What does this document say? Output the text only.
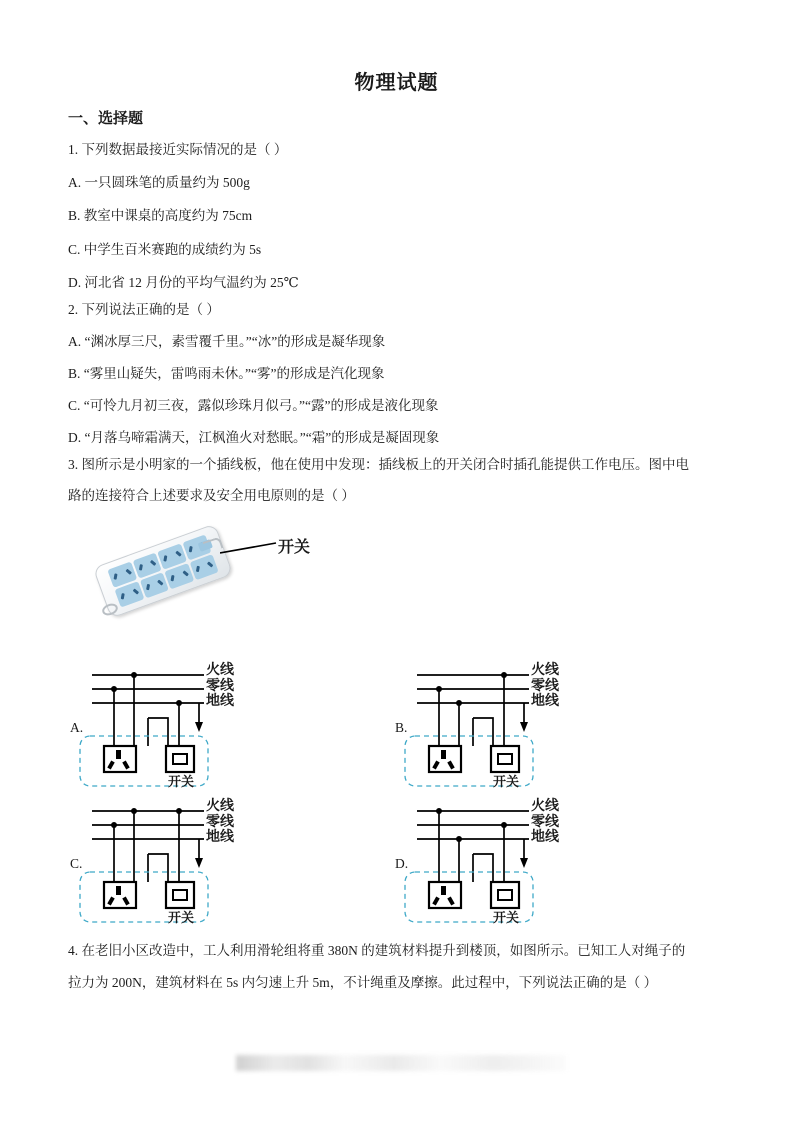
物理试题
一、选择题
1. 下列数据最接近实际情况的是（ ）
A. 一只圆珠笔的质量约为 500g
B. 教室中课桌的高度约为 75cm
C. 中学生百米赛跑的成绩约为 5s
D. 河北省 12 月份的平均气温约为 25℃
2. 下列说法正确的是（ ）
A. “渊冰厚三尺，素雪覆千里。”“冰”的形成是凝华现象
B. “雾里山疑失，雷鸣雨未休。”“雾”的形成是汽化现象
C. “可怜九月初三夜，露似珍珠月似弓。”“露”的形成是液化现象
D. “月落乌啼霜满天，江枫渔火对愁眠。”“霜”的形成是凝固现象
3. 图所示是小明家的一个插线板，他在使用中发现：插线板上的开关闭合时插孔能提供工作电压。图中电
路的连接符合上述要求及安全用电原则的是（ ）
开关
A.
火线
零线
地线
开关
B.
火线
零线
地线
开关
C.
火线
零线
地线
开关
D.
火线
零线
地线
开关
4. 在老旧小区改造中，工人利用滑轮组将重 380N 的建筑材料提升到楼顶，如图所示。已知工人对绳子的
拉力为 200N，建筑材料在 5s 内匀速上升 5m，不计绳重及摩擦。此过程中，下列说法正确的是（ ）
